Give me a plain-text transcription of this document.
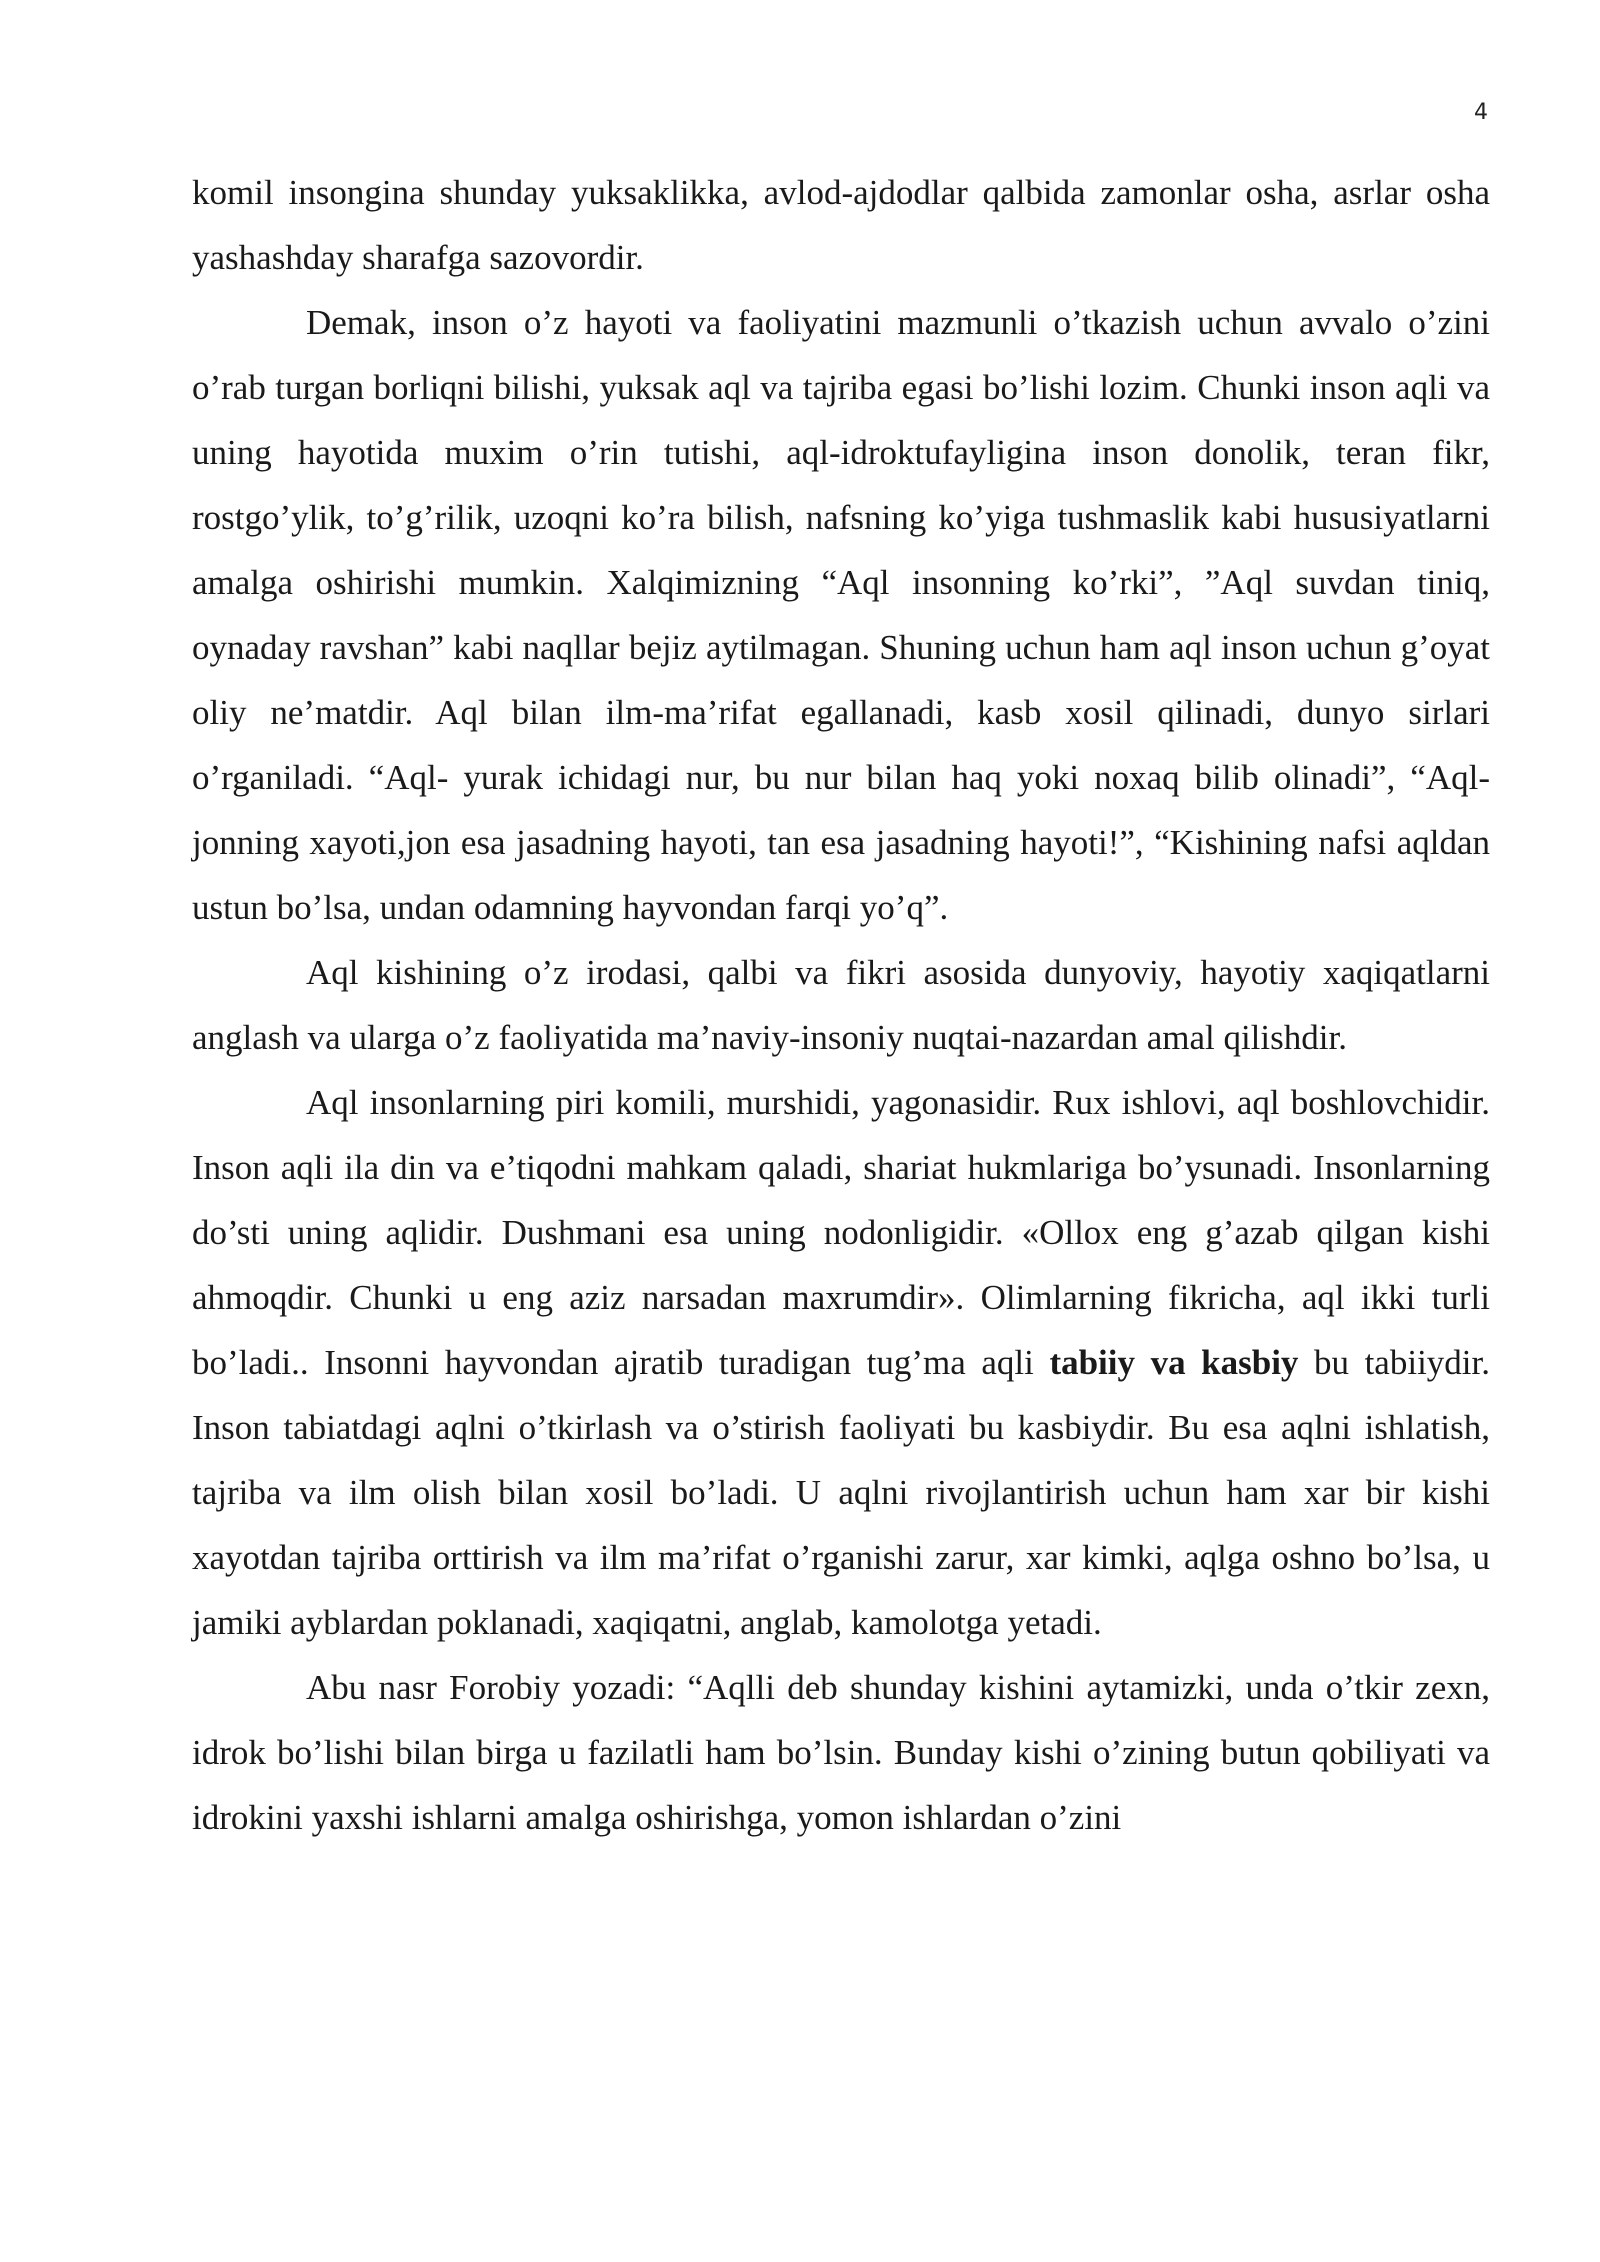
4

komil insongina shunday yuksaklikka, avlod-ajdodlar qalbida zamonlar osha, asrlar osha yashashday sharafga sazovordir.

Demak, inson o’z hayoti va faoliyatini mazmunli o’tkazish uchun avvalo o’zini o’rab turgan borliqni bilishi, yuksak aql va tajriba egasi bo’lishi lozim. Chunki inson aqli va uning hayotida muxim o’rin tutishi, aql-idroktufayligina inson donolik, teran fikr, rostgo’ylik, to’g’rilik, uzoqni ko’ra bilish, nafsning ko’yiga tushmaslik kabi hususiyatlarni amalga oshirishi mumkin. Xalqimizning “Aql insonning ko’rki”, ”Aql suvdan tiniq, oynaday ravshan” kabi naqllar bejiz aytilmagan. Shuning uchun ham aql inson uchun g’oyat oliy ne’matdir. Aql bilan ilm-ma’rifat egallanadi, kasb xosil qilinadi, dunyo sirlari o’rganiladi. “Aql- yurak ichidagi nur, bu nur bilan haq yoki noxaq bilib olinadi”, “Aql- jonning xayoti,jon esa jasadning hayoti, tan esa jasadning hayoti!”, “Kishining nafsi aqldan ustun bo’lsa, undan odamning hayvondan farqi yo’q”.

Aql kishining o’z irodasi, qalbi va fikri asosida dunyoviy, hayotiy xaqiqatlarni anglash va ularga o’z faoliyatida ma’naviy-insoniy nuqtai-nazardan amal qilishdir.

Aql insonlarning piri komili, murshidi, yagonasidir. Rux ishlovi, aql boshlovchidir. Inson aqli ila din va e’tiqodni mahkam qaladi, shariat hukmlariga bo’ysunadi. Insonlarning do’sti uning aqlidir. Dushmani esa uning nodonligidir. «Ollox eng g’azab qilgan kishi ahmoqdir. Chunki u eng aziz narsadan maxrumdir». Olimlarning fikricha, aql ikki turli bo’ladi.. Insonni hayvondan ajratib turadigan tug’ma aqli tabiiy va kasbiy bu tabiiydir. Inson tabiatdagi aqlni o’tkirlash va o’stirish faoliyati bu kasbiydir. Bu esa aqlni ishlatish, tajriba va ilm olish bilan xosil bo’ladi. U aqlni rivojlantirish uchun ham xar bir kishi xayotdan tajriba orttirish va ilm ma’rifat o’rganishi zarur, xar kimki, aqlga oshno bo’lsa, u jamiki ayblardan poklanadi, xaqiqatni, anglab, kamolotga yetadi.

Abu nasr Forobiy yozadi: “Aqlli deb shunday kishini aytamizki, unda o’tkir zexn, idrok bo’lishi bilan birga u fazilatli ham bo’lsin. Bunday kishi o’zining butun qobiliyati va idrokini yaxshi ishlarni amalga oshirishga, yomon ishlardan o’zini
